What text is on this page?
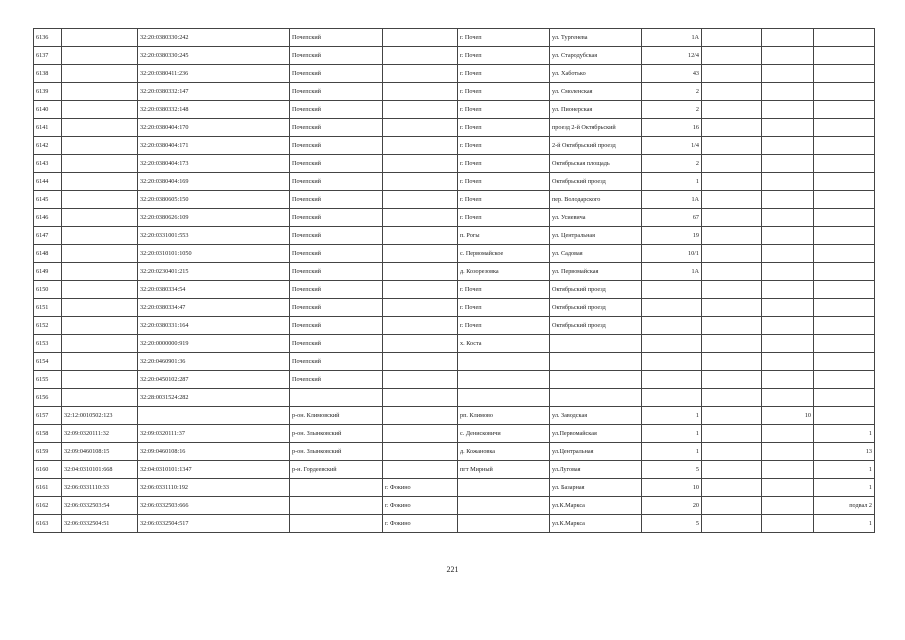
6136		32:20:0380330:242	Почепский		г. Почеп	ул. Тургенева	1А			
6137		32:20:0380330:245	Почепский		г. Почеп	ул. Стародубская	12/4			
6138		32:20:0380411:236	Почепский		г. Почеп	ул. Хаботько	43			
6139		32:20:0380332:147	Почепский		г. Почеп	ул. Смоленская	2			
6140		32:20:0380332:148	Почепский		г. Почеп	ул. Пионерская	2			
6141		32:20:0380404:170	Почепский		г. Почеп	проезд 2-й Октябрьский	16			
6142		32:20:0380404:171	Почепский		г. Почеп	2-й Октябрьский проезд	1/4			
6143		32:20:0380404:173	Почепский		г. Почеп	Октябрьская площадь	2			
6144		32:20:0380404:169	Почепский		г. Почеп	Октябрьский проезд	1			
6145		32:20:0380605:150	Почепский		г. Почеп	пер. Володарского	1А			
6146		32:20:0380626:109	Почепский		г. Почеп	ул. Усиевича	67			
6147		32:20:0331001:553	Почепский		п. Рогы	ул. Центральная	19			
6148		32:20:0310101:1050	Почепский		с. Первомайское	ул. Садовая	10/1			
6149		32:20:0230401:215	Почепский		д. Козорезовка	ул. Первомайская	1А			
6150		32:20:0380334:54	Почепский		г. Почеп	Октябрьский проезд				
6151		32:20:0380334:47	Почепский		г. Почеп	Октябрьский проезд				
6152		32:20:0380331:164	Почепский		г. Почеп	Октябрьский проезд				
6153		32:20:0000000:919	Почепский		х. Коста					
6154		32:20:0460901:36	Почепский							
6155		32:20:0450102:287	Почепский							
6156		32:28:0031524:282								
6157	32:12:0010502:123		р-он. Климовский		рп. Климово	ул. Заводская	1		10	
6158	32:09:0320111:32	32:09:0320111:37	р-он. Злынковский		с. Денисковичи	ул.Первомайская	1			1
6159	32:09:0460108:15	32:09:0460108:16	р-он. Злынковский		д. Кожановка	ул.Центральная	1			13
6160	32:04:0310101:668	32:04:0310101:1347	р-н. Гордеевский		пгт Мирный	ул.Луговая	5			1
6161	32:06:0331110:33	32:06:0331110:192		г. Фокино		ул. Базарная	10			1
6162	32:06:0332503:54	32:06:0332503:666		г. Фокино		ул.К.Маркса	20			подвал 2
6163	32:06:0332504:51	32:06:0332504:517		г. Фокино		ул.К.Маркса	5			1
221
